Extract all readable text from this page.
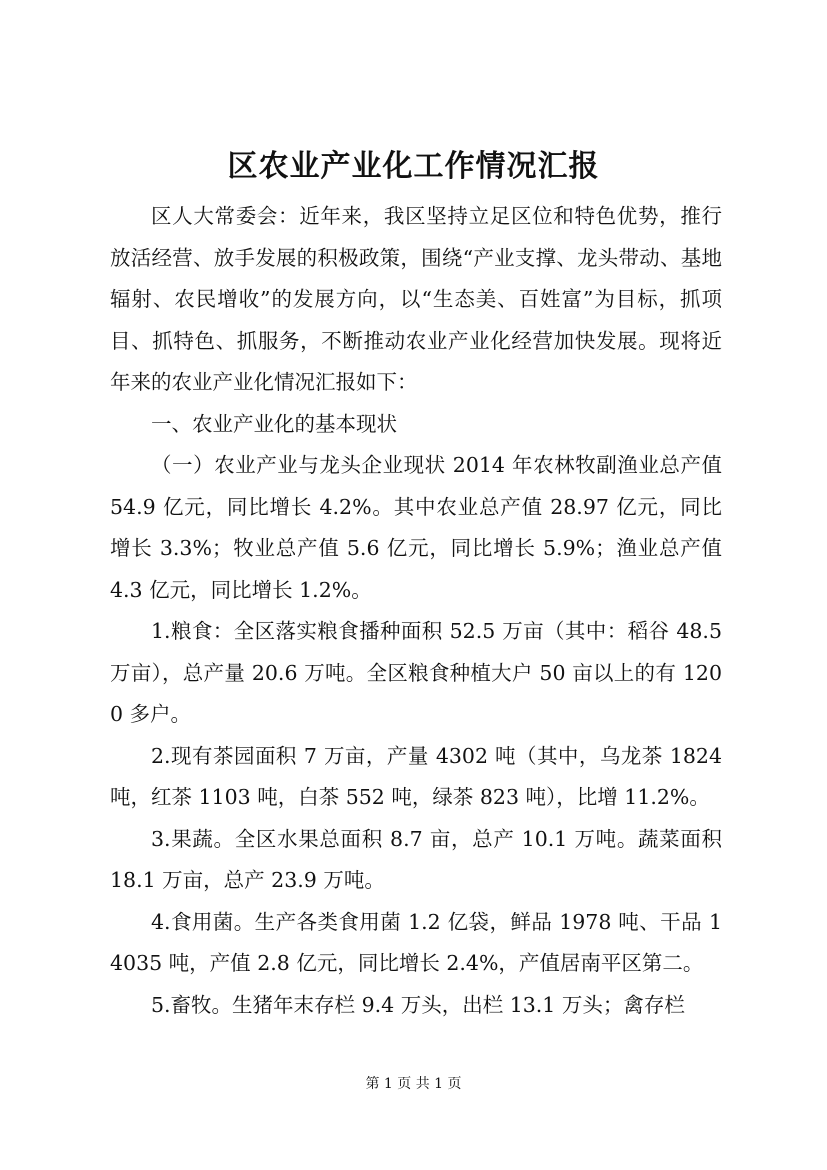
区农业产业化工作情况汇报

区人大常委会：近年来，我区坚持立足区位和特色优势，推行放活经营、放手发展的积极政策，围绕“产业支撑、龙头带动、基地辐射、农民增收”的发展方向，以“生态美、百姓富”为目标，抓项目、抓特色、抓服务，不断推动农业产业化经营加快发展。现将近年来的农业产业化情况汇报如下：

一、农业产业化的基本现状

（一）农业产业与龙头企业现状 2014 年农林牧副渔业总产值 54.9 亿元，同比增长 4.2%。其中农业总产值 28.97 亿元，同比增长 3.3%；牧业总产值 5.6 亿元，同比增长 5.9%；渔业总产值 4.3 亿元，同比增长 1.2%。

1.粮食：全区落实粮食播种面积 52.5 万亩（其中：稻谷 48.5 万亩），总产量 20.6 万吨。全区粮食种植大户 50 亩以上的有 1200 多户。

2.现有茶园面积 7 万亩，产量 4302 吨（其中，乌龙茶 1824 吨，红茶 1103 吨，白茶 552 吨，绿茶 823 吨），比增 11.2%。

3.果蔬。全区水果总面积 8.7 亩，总产 10.1 万吨。蔬菜面积 18.1 万亩，总产 23.9 万吨。

4.食用菌。生产各类食用菌 1.2 亿袋，鲜品 1978 吨、干品 14035 吨，产值 2.8 亿元，同比增长 2.4%，产值居南平区第二。

5.畜牧。生猪年末存栏 9.4 万头，出栏 13.1 万头；禽存栏

第 1 页 共 1 页
